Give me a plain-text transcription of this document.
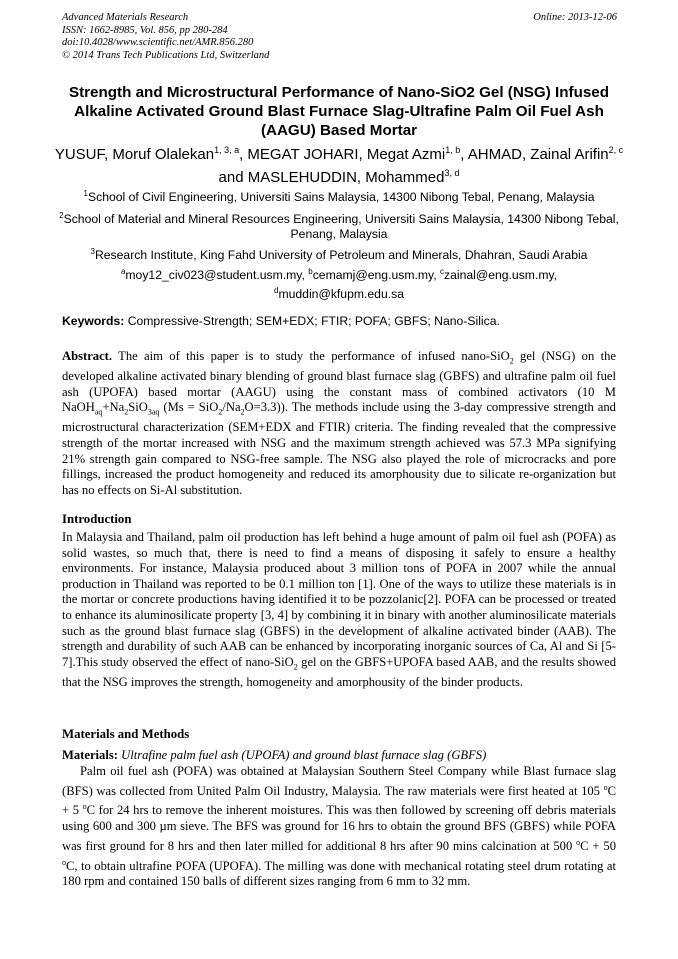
Advanced Materials Research
ISSN: 1662-8985, Vol. 856, pp 280-284
doi:10.4028/www.scientific.net/AMR.856.280
© 2014 Trans Tech Publications Ltd, Switzerland
Online: 2013-12-06
Strength and Microstructural Performance of Nano-SiO2 Gel (NSG) Infused Alkaline Activated Ground Blast Furnace Slag-Ultrafine Palm Oil Fuel Ash (AAGU) Based Mortar
YUSUF, Moruf Olalekan$^{1, 3, a}$, MEGAT JOHARI, Megat Azmi$^{1, b}$, AHMAD, Zainal Arifin$^{2, c}$ and MASLEHUDDIN, Mohammed$^{3, d}$
$^1$School of Civil Engineering, Universiti Sains Malaysia, 14300 Nibong Tebal, Penang, Malaysia
$^2$School of Material and Mineral Resources Engineering, Universiti Sains Malaysia, 14300 Nibong Tebal, Penang, Malaysia
$^3$Research Institute, King Fahd University of Petroleum and Minerals, Dhahran, Saudi Arabia
$^a$moy12_civ023@student.usm.my, $^b$cemamj@eng.usm.my, $^c$zainal@eng.usm.my,
$^d$muddin@kfupm.edu.sa
Keywords: Compressive-Strength; SEM+EDX; FTIR; POFA; GBFS; Nano-Silica.

Abstract. The aim of this paper is to study the performance of infused nano-SiO$_2$ gel (NSG) on the developed alkaline activated binary blending of ground blast furnace slag (GBFS) and ultrafine palm oil fuel ash (UPOFA) based mortar (AAGU) using the constant mass of combined activators (10 M $NaOH_{aq}+Na_2SiO_{3aq}$ $(Ms = SiO_2/Na_2O=3.3)$). The methods include using the 3-day compressive strength and microstructural characterization (SEM+EDX and FTIR) criteria. The finding revealed that the compressive strength of the mortar increased with NSG and the maximum strength achieved was 57.3 MPa signifying 21% strength gain compared to NSG-free sample. The NSG also played the role of microcracks and pore fillings, increased the product homogeneity and reduced its amorphousity due to silicate re-organization but has no effects on Si-Al substitution.

Introduction

In Malaysia and Thailand, palm oil production has left behind a huge amount of palm oil fuel ash (POFA) as solid wastes, so much that, there is need to find a means of disposing it safely to ensure a healthy environments. For instance, Malaysia produced about 3 million tons of POFA in 2007 while the annual production in Thailand was reported to be 0.1 million ton [1]. One of the ways to utilize these materials is in the mortar or concrete productions having identified it to be pozzolanic[2]. POFA can be processed or treated to enhance its aluminosilicate property [3, 4] by combining it in binary with another aluminosilicate materials such as the ground blast furnace slag (GBFS) in the development of alkaline activated binder (AAB). The strength and durability of such AAB can be enhanced by incorporating inorganic sources of Ca, Al and Si [5-7].This study observed the effect of nano-SiO$_2$ gel on the GBFS+UPOFA based AAB, and the results showed that the NSG improves the strength, homogeneity and amorphousity of the binder products.

Materials and Methods

Materials: Ultrafine palm fuel ash (UPOFA) and ground blast furnace slag (GBFS)

Palm oil fuel ash (POFA) was obtained at Malaysian Southern Steel Company while Blast furnace slag (BFS) was collected from United Palm Oil Industry, Malaysia. The raw materials were first heated at 105 $^o$C + 5 $^o$C for 24 hrs to remove the inherent moistures. This was then followed by screening off debris materials using 600 and 300 µm sieve. The BFS was ground for 16 hrs to obtain the ground BFS (GBFS) while POFA was first ground for 8 hrs and then later milled for additional 8 hrs after 90 mins calcination at 500 $^o$C + 50 $^o$C, to obtain ultrafine POFA (UPOFA). The milling was done with mechanical rotating steel drum rotating at 180 rpm and contained 150 balls of different sizes ranging from 6 mm to 32 mm.
